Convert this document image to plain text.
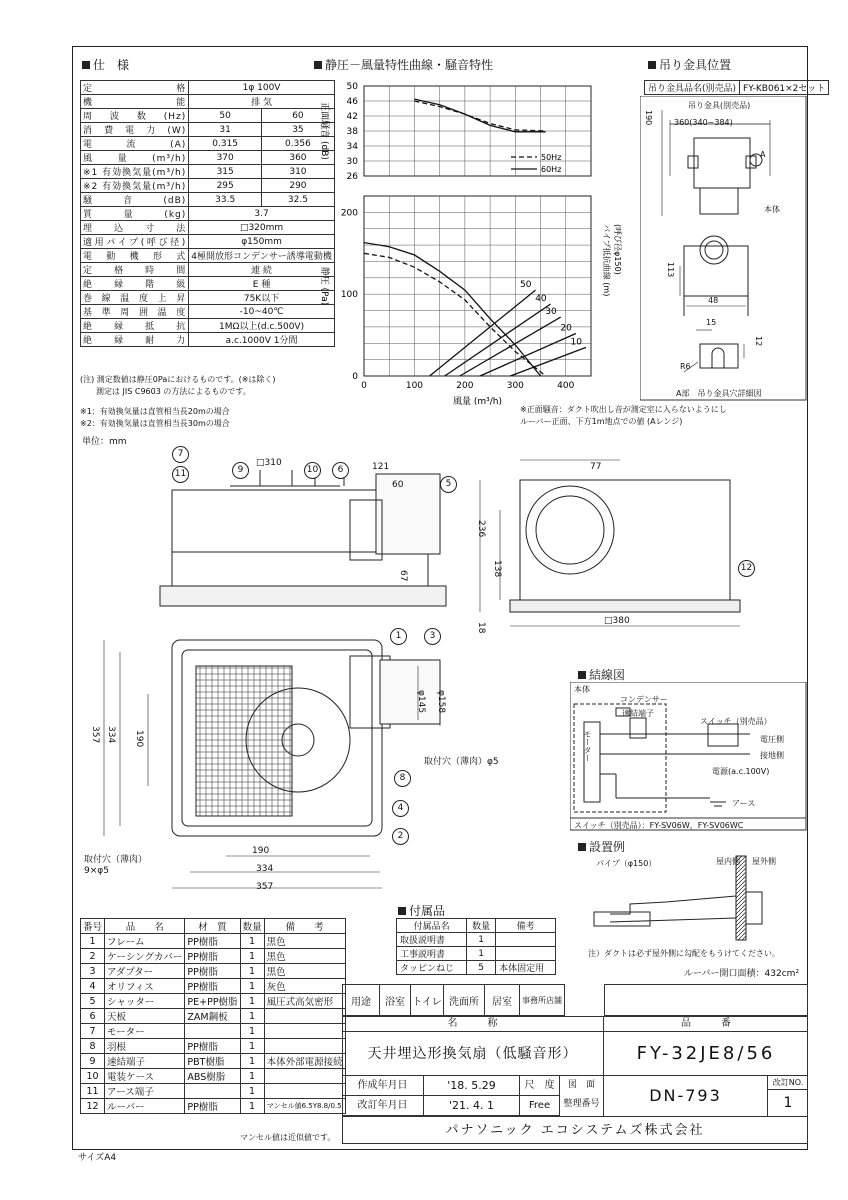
仕　様
定格	1φ 100V	
機能	排 気	
周波数(Hz)	50	60
消費電力(W)	31	35
電流(A)	0.315	0.356
風量(m³/h)	370	360
※1 有効換気量(m³/h)	315	310
※2 有効換気量(m³/h)	295	290
騒音(dB)	33.5	32.5
質量(kg)	3.7	
埋込寸法	□320mm	
適用パイプ(呼び径)	φ150mm	
電動機形式	4極開放形コンデンサー誘導電動機	
定格時間	連 続	
絶縁階級	E 種	
巻線温度上昇	75K以下	
基準周囲温度	-10~40℃	
絶縁抵抗	1MΩ以上(d.c.500V)	
絶縁耐力	a.c.1000V 1分間	
(注) 測定数値は静圧0Paにおけるものです。(※は除く)
　　測定は JIS C9603 の方法によるものです。
※1：有効換気量は直管相当長20mの場合
※2：有効換気量は直管相当長30mの場合
単位：mm
静圧－風量特性曲線・騒音特性
50
46
42
38
34
30
26
200
100
0
0	100	200	300	400
正面騒音 (dB)
静圧 (Pa)
風量 (m³/h)
50
40
30
20
10
50Hz
60Hz
パイプ抵抗曲線 (m) (呼び径φ150)
※正面騒音：ダクト吹出し音が測定室に入らないようにし
ルーバー正面、下方1m地点での値 (Aレンジ)
吊り金具位置
吊り金具品名(別売品)	FY-KB061×2セット
吊り金具(別売品)
360(340~384)
190
A
本体
113
48
15
12
R6
A部　吊り金具穴詳細図
□310	121
60
67
77
236
138
18
□380
357 334 190
190
334
357
φ145 φ158
取付穴（薄肉）φ5
取付穴（薄肉）
9×φ5
1
2
3
4
5
6
7
8
9	10
11
12
結線図
本体
コンデンサー
速結端子
スイッチ（別売品）
モーター	電圧側
接地側
電源(a.c.100V)
アース
スイッチ（別売品）：FY-SV06W，FY-SV06WC
設置例
パイプ（φ150）	屋内側 屋外側
注）ダクトは必ず屋外側に勾配をもうけてください。
ルーバー開口面積：432cm²
付属品
付属品名	数量	備考
取扱説明書	1	
工事説明書	1	
タッピンねじ	5	本体固定用
番号	品　　名	材　質	数量	備　　考
1	フレーム	PP樹脂	1	黒色
2	ケーシングカバー	PP樹脂	1	黒色
3	アダプター	PP樹脂	1	黒色
4	オリフィス	PP樹脂	1	灰色
5	シャッター	PE+PP樹脂	1	風圧式高気密形
6	天板	ZAM鋼板	1	
7	モーター		1	
8	羽根	PP樹脂	1	
9	速結端子	PBT樹脂	1	本体外部電源接続
10	電装ケース	ABS樹脂	1	
11	アース端子		1	
12	ルーバー	PP樹脂	1	マンセル値6.5Y8.8/0.5
マンセル値は近似値です。
用途	浴室	トイレ	洗面所	居室	事務所店舗
名　　　称	品　　　番
天井埋込形換気扇（低騒音形）	FY-32JE8/56
作成年月日	'18. 5.29	尺　度	図　面
整理番号	DN-793
改訂NO.
1
改訂年月日	'21. 4. 1	Free
パナソニック エコシステムズ株式会社
サイズA4
